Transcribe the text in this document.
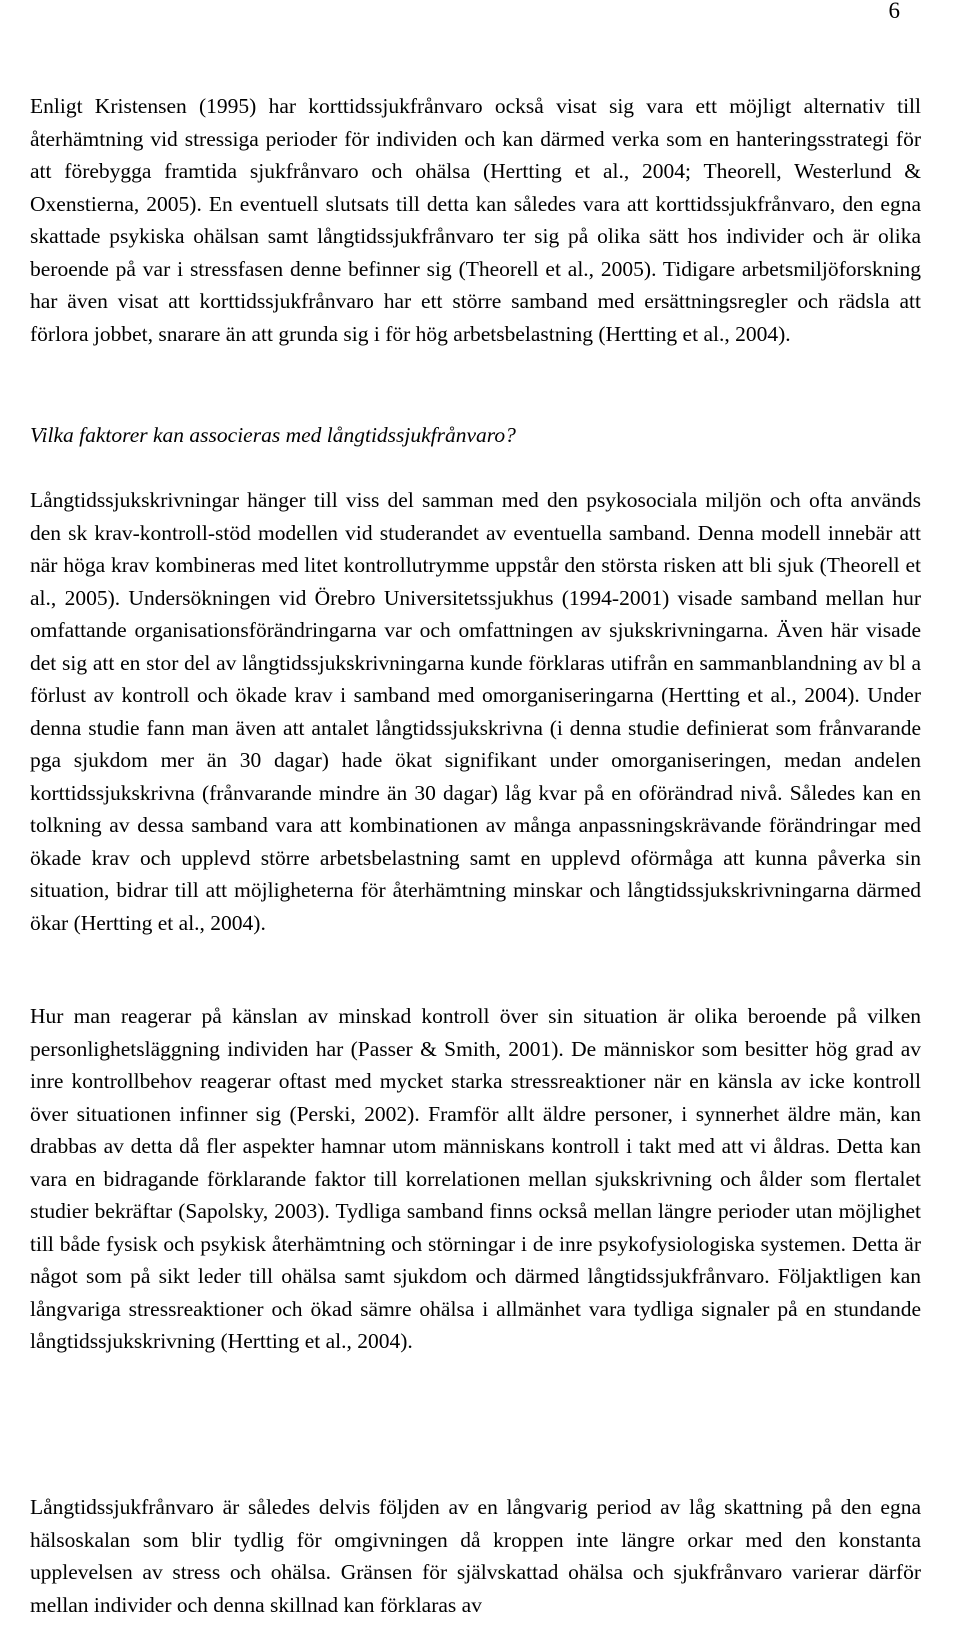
6

Enligt Kristensen (1995) har korttidssjukfrånvaro också visat sig vara ett möjligt alternativ till återhämtning vid stressiga perioder för individen och kan därmed verka som en hanteringsstrategi för att förebygga framtida sjukfrånvaro och ohälsa (Hertting et al., 2004; Theorell, Westerlund & Oxenstierna, 2005). En eventuell slutsats till detta kan således vara att korttidssjukfrånvaro, den egna skattade psykiska ohälsan samt långtidssjukfrånvaro ter sig på olika sätt hos individer och är olika beroende på var i stressfasen denne befinner sig (Theorell et al., 2005). Tidigare arbetsmiljöforskning har även visat att korttidssjukfrånvaro har ett större samband med ersättningsregler och rädsla att förlora jobbet, snarare än att grunda sig i för hög arbetsbelastning (Hertting et al., 2004).

Vilka faktorer kan associeras med långtidssjukfrånvaro?

Långtidssjukskrivningar hänger till viss del samman med den psykosociala miljön och ofta används den sk krav-kontroll-stöd modellen vid studerandet av eventuella samband. Denna modell innebär att när höga krav kombineras med litet kontrollutrymme uppstår den största risken att bli sjuk (Theorell et al., 2005). Undersökningen vid Örebro Universitetssjukhus (1994-2001) visade samband mellan hur omfattande organisationsförändringarna var och omfattningen av sjukskrivningarna. Även här visade det sig att en stor del av långtidssjukskrivningarna kunde förklaras utifrån en sammanblandning av bl a förlust av kontroll och ökade krav i samband med omorganiseringarna (Hertting et al., 2004). Under denna studie fann man även att antalet långtidssjukskrivna (i denna studie definierat som frånvarande pga sjukdom mer än 30 dagar) hade ökat signifikant under omorganiseringen, medan andelen korttidssjukskrivna (frånvarande mindre än 30 dagar) låg kvar på en oförändrad nivå. Således kan en tolkning av dessa samband vara att kombinationen av många anpassningskrävande förändringar med ökade krav och upplevd större arbetsbelastning samt en upplevd oförmåga att kunna påverka sin situation, bidrar till att möjligheterna för återhämtning minskar och långtidssjukskrivningarna därmed ökar (Hertting et al., 2004).

Hur man reagerar på känslan av minskad kontroll över sin situation är olika beroende på vilken personlighetsläggning individen har (Passer & Smith, 2001). De människor som besitter hög grad av inre kontrollbehov reagerar oftast med mycket starka stressreaktioner när en känsla av icke kontroll över situationen infinner sig (Perski, 2002). Framför allt äldre personer, i synnerhet äldre män, kan drabbas av detta då fler aspekter hamnar utom människans kontroll i takt med att vi åldras. Detta kan vara en bidragande förklarande faktor till korrelationen mellan sjukskrivning och ålder som flertalet studier bekräftar (Sapolsky, 2003). Tydliga samband finns också mellan längre perioder utan möjlighet till både fysisk och psykisk återhämtning och störningar i de inre psykofysiologiska systemen. Detta är något som på sikt leder till ohälsa samt sjukdom och därmed långtidssjukfrånvaro. Följaktligen kan långvariga stressreaktioner och ökad sämre ohälsa i allmänhet vara tydliga signaler på en stundande långtidssjukskrivning (Hertting et al., 2004).

Långtidssjukfrånvaro är således delvis följden av en långvarig period av låg skattning på den egna hälsoskalan som blir tydlig för omgivningen då kroppen inte längre orkar med den konstanta upplevelsen av stress och ohälsa. Gränsen för självskattad ohälsa och sjukfrånvaro varierar därför mellan individer och denna skillnad kan förklaras av
